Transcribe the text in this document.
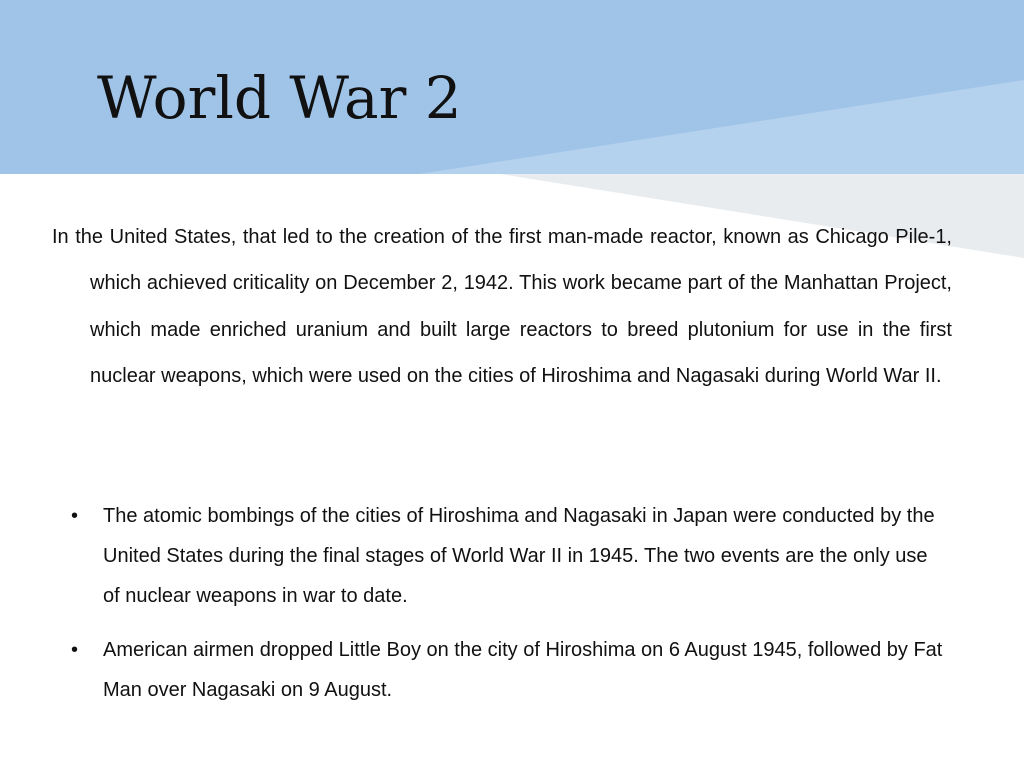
World War 2

In the United States, that led to the creation of the first man-made reactor, known as Chicago Pile-1, which achieved criticality on December 2, 1942. This work became part of the Manhattan Project, which made enriched uranium and built large reactors to breed plutonium for use in the first nuclear weapons, which were used on the cities of Hiroshima and Nagasaki during World War II.

• The atomic bombings of the cities of Hiroshima and Nagasaki in Japan were conducted by the United States during the final stages of World War II in 1945. The two events are the only use of nuclear weapons in war to date.
• American airmen dropped Little Boy on the city of Hiroshima on 6 August 1945, followed by Fat Man over Nagasaki on 9 August.
